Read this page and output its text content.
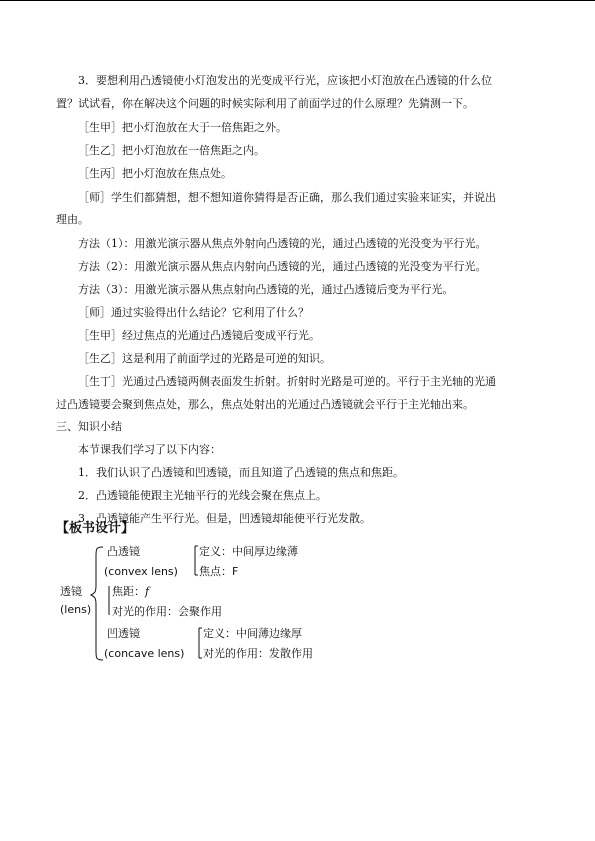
3．要想利用凸透镜使小灯泡发出的光变成平行光，应该把小灯泡放在凸透镜的什么位
置？试试看，你在解决这个问题的时候实际利用了前面学过的什么原理？先猜测一下。
［生甲］把小灯泡放在大于一倍焦距之外。
［生乙］把小灯泡放在一倍焦距之内。
［生丙］把小灯泡放在焦点处。
［师］学生们都猜想，想不想知道你猜得是否正确，那么我们通过实验来证实，并说出
理由。
方法（1）：用激光演示器从焦点外射向凸透镜的光，通过凸透镜的光没变为平行光。
方法（2）：用激光演示器从焦点内射向凸透镜的光，通过凸透镜的光没变为平行光。
方法（3）：用激光演示器从焦点射向凸透镜的光，通过凸透镜后变为平行光。
［师］通过实验得出什么结论？它利用了什么？
［生甲］经过焦点的光通过凸透镜后变成平行光。
［生乙］这是利用了前面学过的光路是可逆的知识。
［生丁］光通过凸透镜两侧表面发生折射。折射时光路是可逆的。平行于主光轴的光通
过凸透镜要会聚到焦点处，那么，焦点处射出的光通过凸透镜就会平行于主光轴出来。
三、知识小结
本节课我们学习了以下内容：
1．我们认识了凸透镜和凹透镜，而且知道了凸透镜的焦点和焦距。
2．凸透镜能使跟主光轴平行的光线会聚在焦点上。
3．凸透镜能产生平行光。但是，凹透镜却能使平行光发散。
【板书设计】
透镜
(lens)
凸透镜
(convex lens)
定义：中间厚边缘薄
焦点：F
焦距：f
对光的作用：会聚作用
凹透镜
(concave lens)
定义：中间薄边缘厚
对光的作用：发散作用
